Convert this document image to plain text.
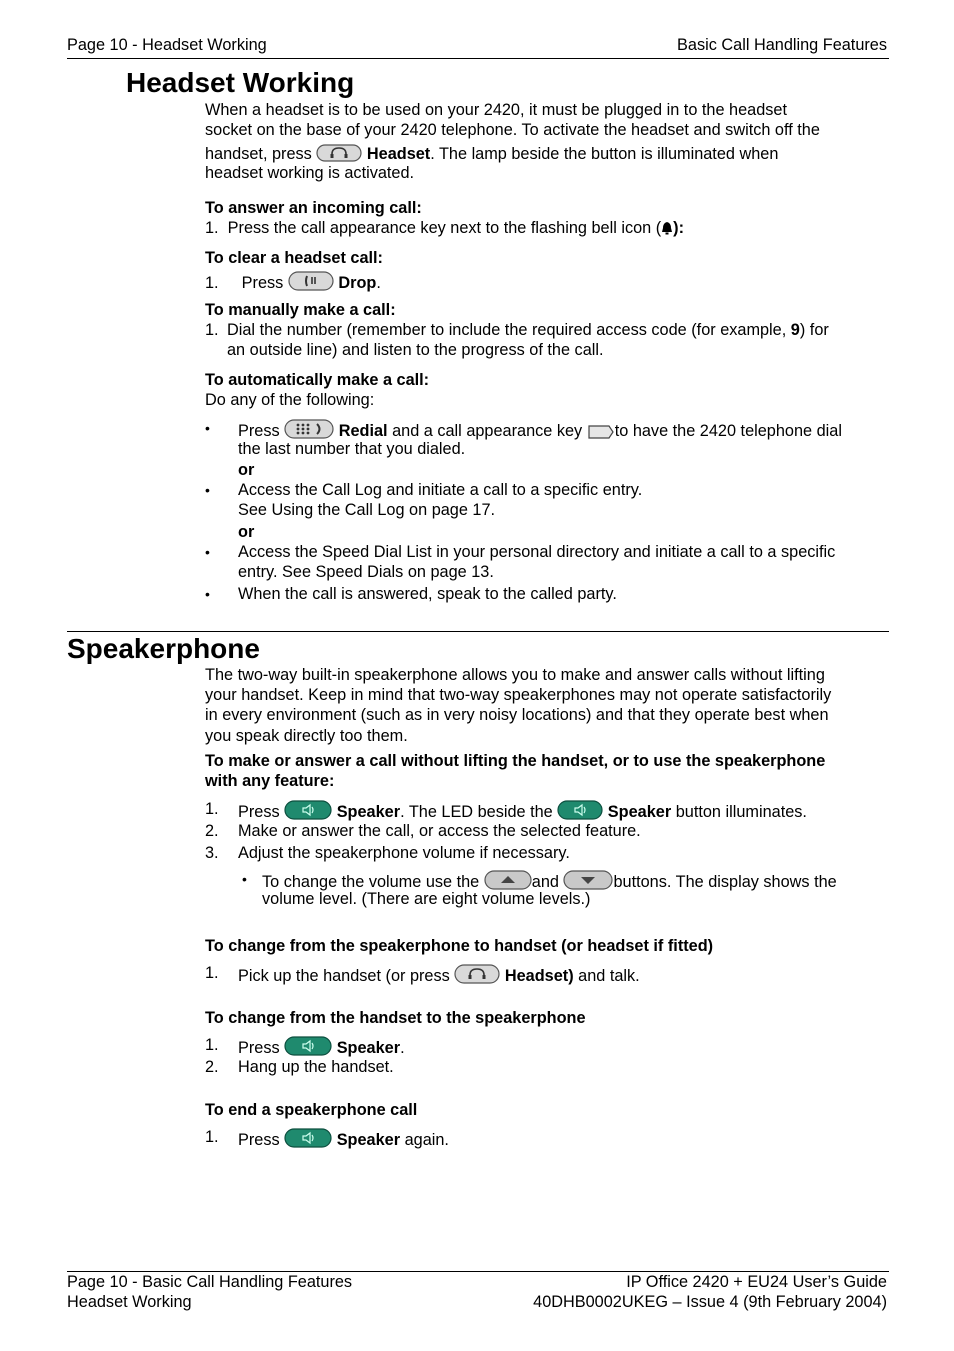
Page 10 - Headset Working	Basic Call Handling Features
Headset Working
When a headset is to be used on your 2420, it must be plugged in to the headset
socket on the base of your 2420 telephone. To activate the headset and switch off the
handset, press	Headset. The lamp beside the button is illuminated when
headset working is activated.
To answer an incoming call:
1. Press the call appearance key next to the flashing bell icon ( ):
To clear a headset call:
1. Press	Drop.
To manually make a call:
1. Dial the number (remember to include the required access code (for example, 9) for
an outside line) and listen to the progress of the call.
To automatically make a call:
Do any of the following:
• Press	Redial and a call appearance key to have the 2420 telephone dial
the last number that you dialed.
or
• Access the Call Log and initiate a call to a specific entry.
See Using the Call Log on page 17.
or
• Access the Speed Dial List in your personal directory and initiate a call to a specific
entry. See Speed Dials on page 13.
• When the call is answered, speak to the called party.
Speakerphone
The two-way built-in speakerphone allows you to make and answer calls without lifting
your handset. Keep in mind that two-way speakerphones may not operate satisfactorily
in every environment (such as in very noisy locations) and that they operate best when
you speak directly too them.
To make or answer a call without lifting the handset, or to use the speakerphone
with any feature:
1. Press	Speaker. The LED beside the	Speaker button illuminates.
2. Make or answer the call, or access the selected feature.
3. Adjust the speakerphone volume if necessary.
• To change the volume use the	and	buttons. The display shows the
volume level. (There are eight volume levels.)
To change from the speakerphone to handset (or headset if fitted)
1. Pick up the handset (or press	Headset) and talk.
To change from the handset to the speakerphone
1. Press	Speaker.
2. Hang up the handset.
To end a speakerphone call
1. Press	Speaker again.
Page 10 - Basic Call Handling Features
Headset Working
IP Office 2420 + EU24 User’s Guide
40DHB0002UKEG – Issue 4 (9th February 2004)
